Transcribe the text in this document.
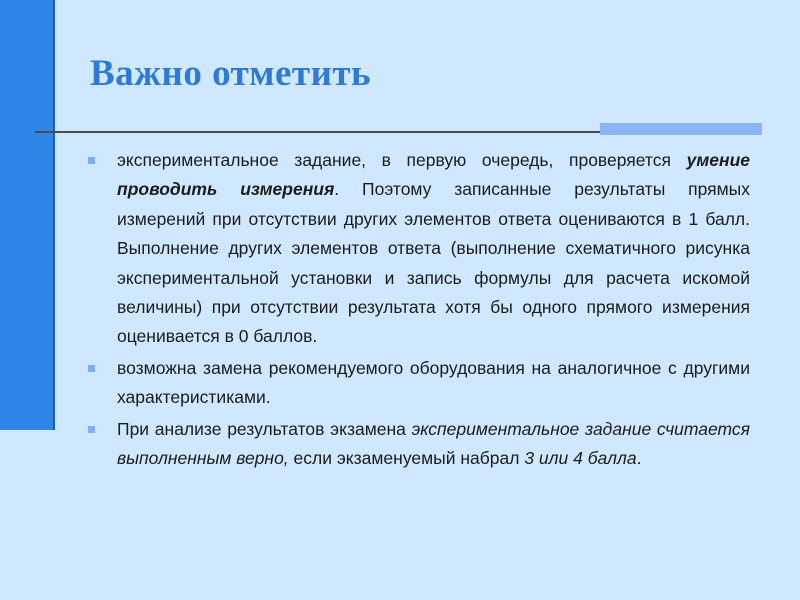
Важно отметить
экспериментальное задание, в первую очередь, проверяется умение проводить измерения. Поэтому записанные результаты прямых измерений при отсутствии других элементов ответа оцениваются в 1 балл. Выполнение других элементов ответа (выполнение схематичного рисунка экспериментальной установки и запись формулы для расчета искомой величины) при отсутствии результата хотя бы одного прямого измерения оценивается в 0 баллов.
возможна замена рекомендуемого оборудования на аналогичное с другими характеристиками.
При анализе результатов экзамена экспериментальное задание считается выполненным верно, если экзаменуемый набрал 3 или 4 балла.
